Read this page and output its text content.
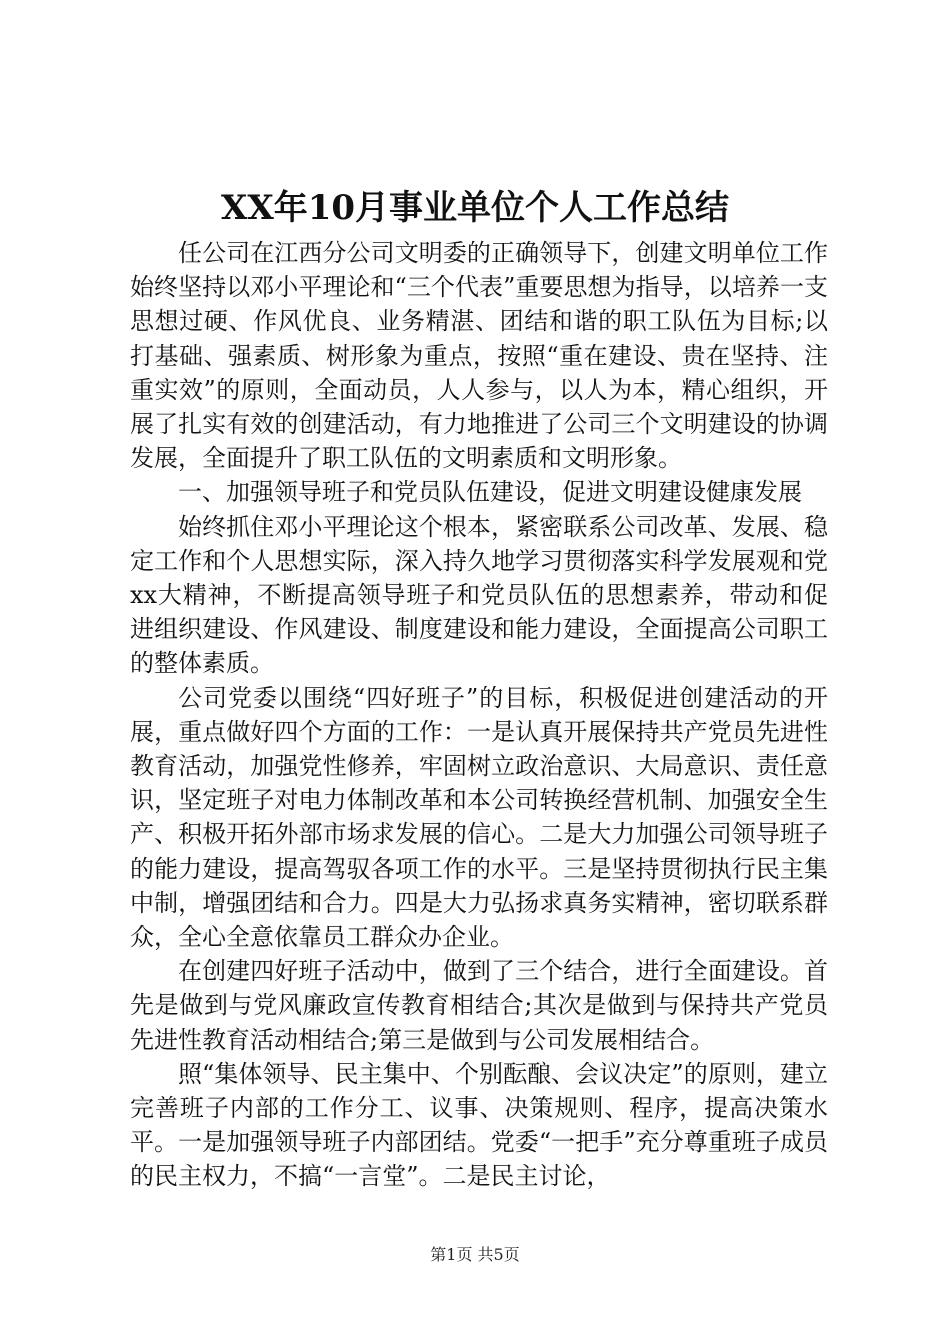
XX年10月事业单位个人工作总结

任公司在江西分公司文明委的正确领导下，创建文明单位工作始终坚持以邓小平理论和“三个代表”重要思想为指导，以培养一支思想过硬、作风优良、业务精湛、团结和谐的职工队伍为目标;以打基础、强素质、树形象为重点，按照“重在建设、贵在坚持、注重实效”的原则，全面动员，人人参与，以人为本，精心组织，开展了扎实有效的创建活动，有力地推进了公司三个文明建设的协调发展，全面提升了职工队伍的文明素质和文明形象。

一、加强领导班子和党员队伍建设，促进文明建设健康发展

始终抓住邓小平理论这个根本，紧密联系公司改革、发展、稳定工作和个人思想实际，深入持久地学习贯彻落实科学发展观和党xx大精神，不断提高领导班子和党员队伍的思想素养，带动和促进组织建设、作风建设、制度建设和能力建设，全面提高公司职工的整体素质。

公司党委以围绕“四好班子”的目标，积极促进创建活动的开展，重点做好四个方面的工作：一是认真开展保持共产党员先进性教育活动，加强党性修养，牢固树立政治意识、大局意识、责任意识，坚定班子对电力体制改革和本公司转换经营机制、加强安全生产、积极开拓外部市场求发展的信心。二是大力加强公司领导班子的能力建设，提高驾驭各项工作的水平。三是坚持贯彻执行民主集中制，增强团结和合力。四是大力弘扬求真务实精神，密切联系群众，全心全意依靠员工群众办企业。

在创建四好班子活动中，做到了三个结合，进行全面建设。首先是做到与党风廉政宣传教育相结合;其次是做到与保持共产党员先进性教育活动相结合;第三是做到与公司发展相结合。

照“集体领导、民主集中、个别酝酿、会议决定”的原则，建立完善班子内部的工作分工、议事、决策规则、程序，提高决策水平。一是加强领导班子内部团结。党委“一把手”充分尊重班子成员的民主权力，不搞“一言堂”。二是民主讨论，

第1页 共5页
